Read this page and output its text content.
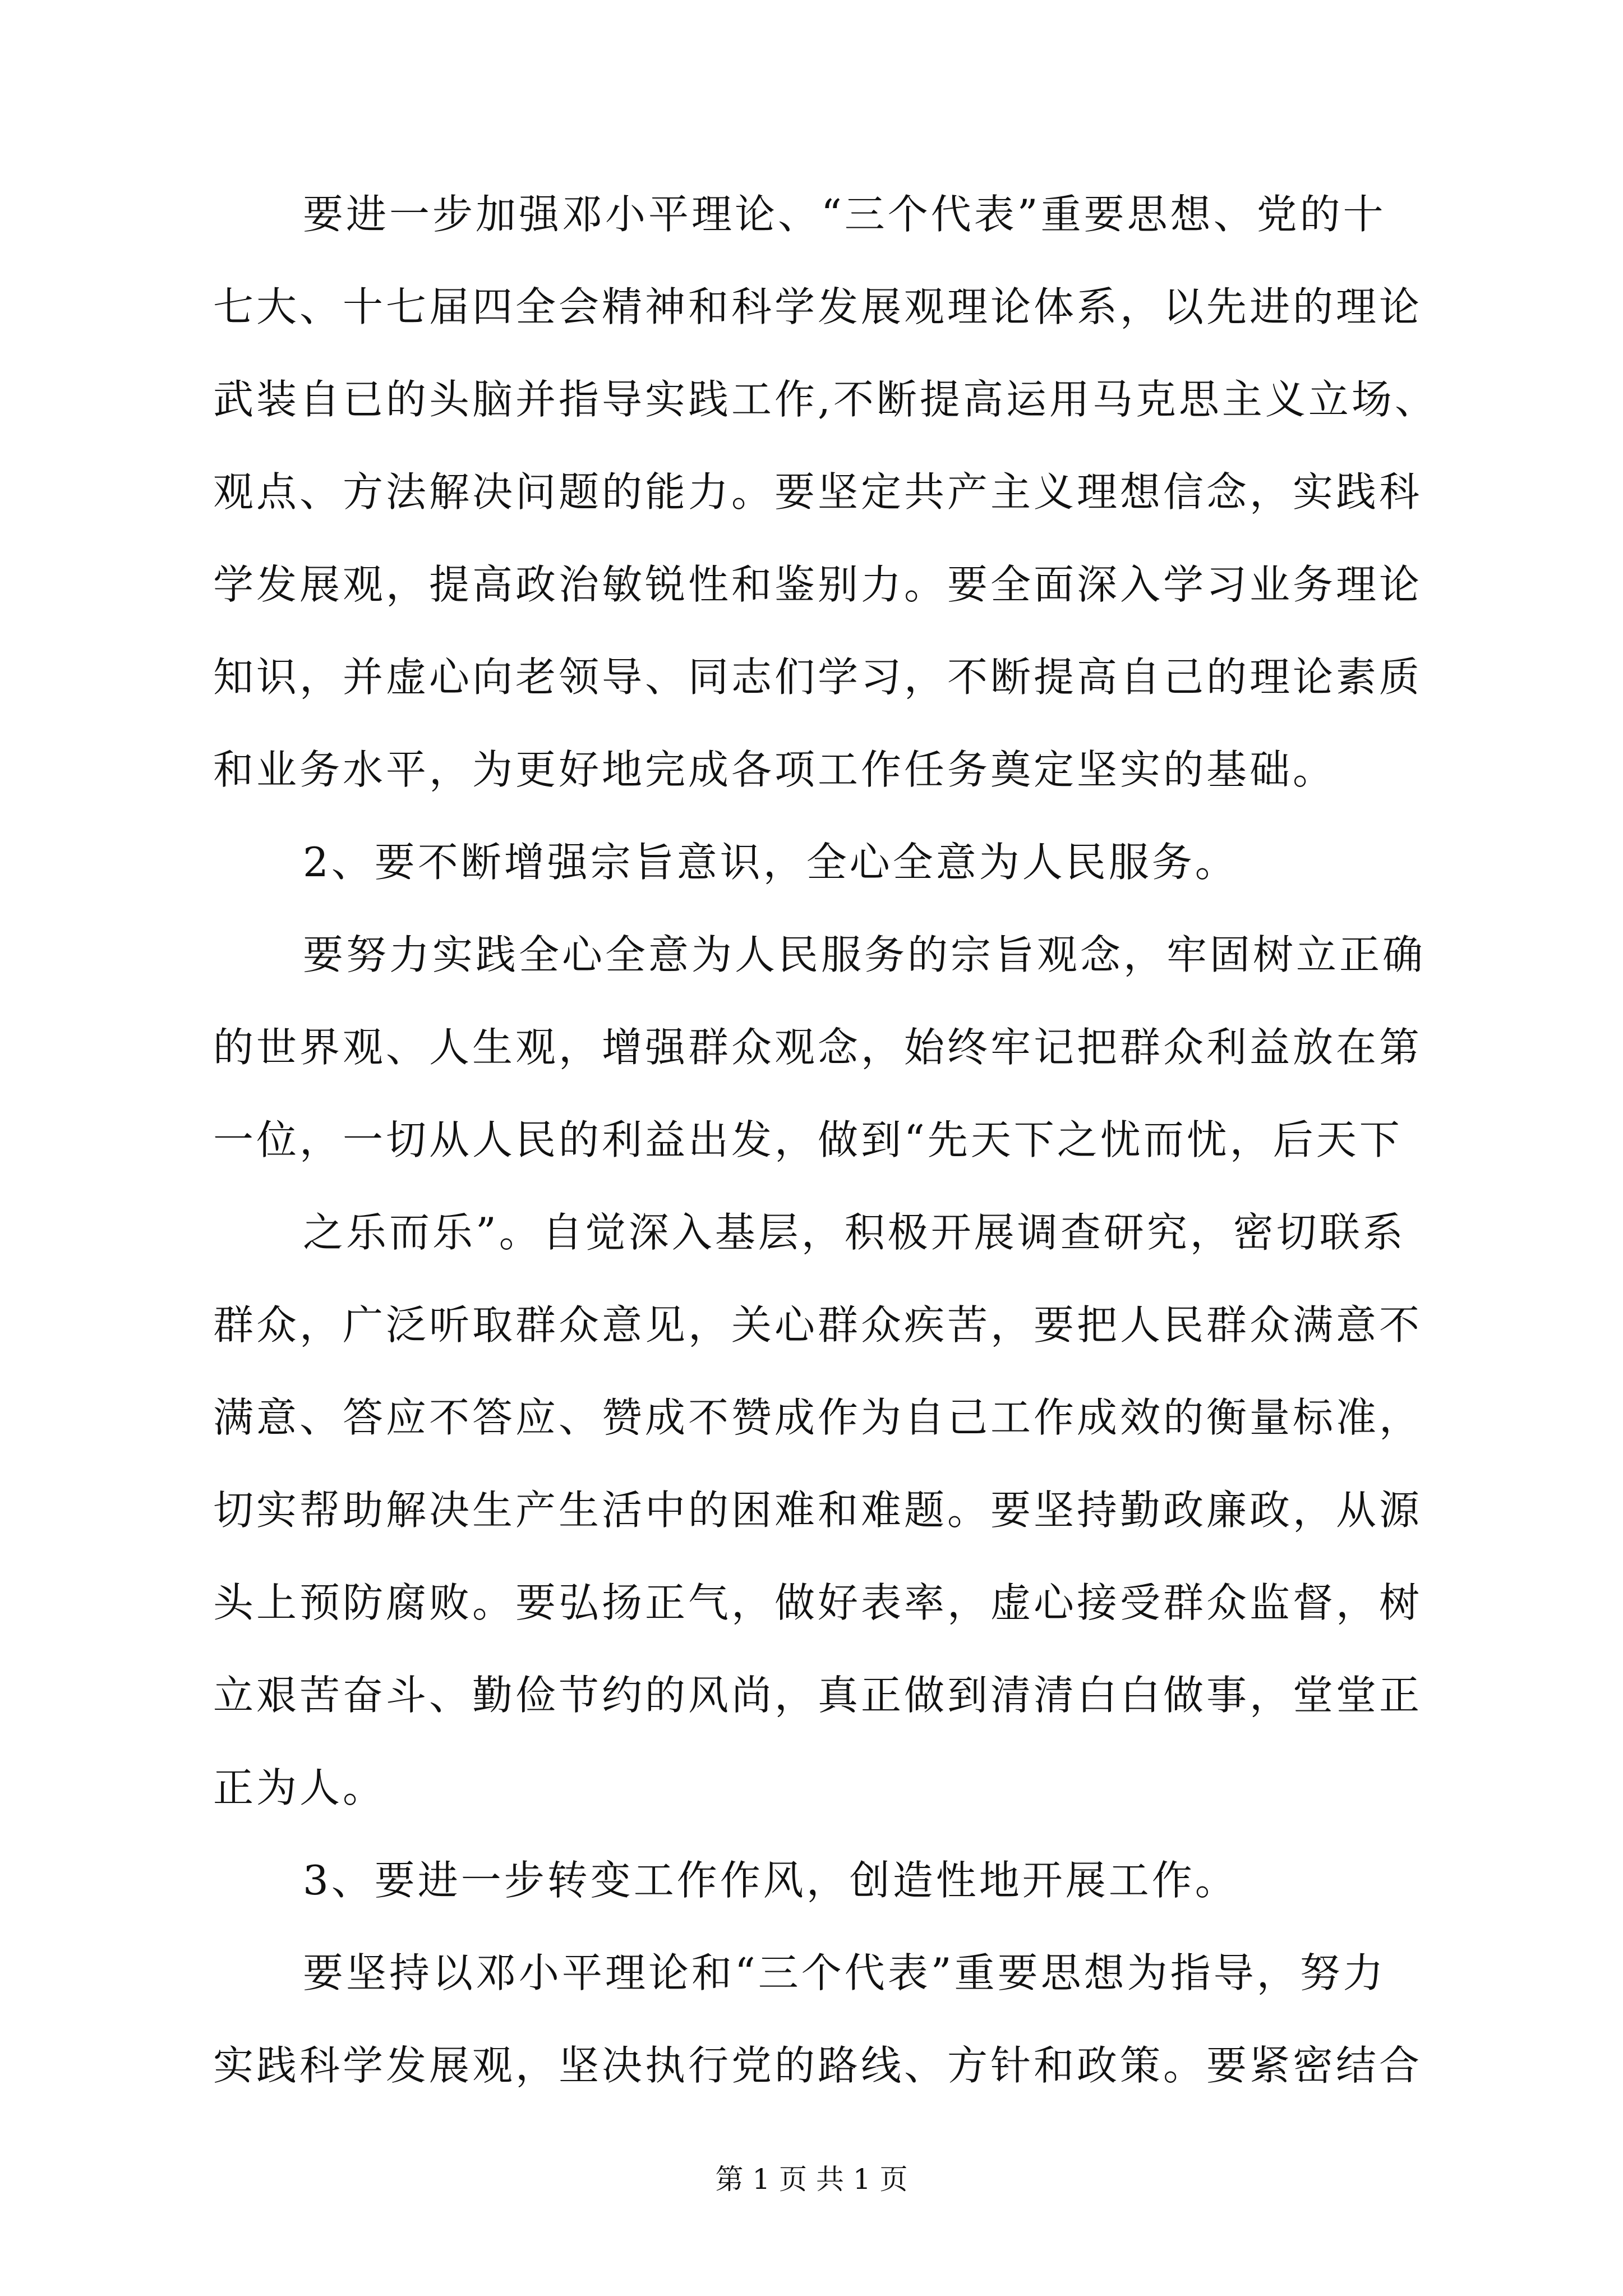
要进一步加强邓小平理论、“三个代表”重要思想、党的十
七大、十七届四全会精神和科学发展观理论体系，以先进的理论
武装自已的头脑并指导实践工作,不断提高运用马克思主义立场、
观点、方法解决问题的能力。要坚定共产主义理想信念，实践科
学发展观，提高政治敏锐性和鉴别力。要全面深入学习业务理论
知识，并虚心向老领导、同志们学习，不断提高自己的理论素质
和业务水平，为更好地完成各项工作任务奠定坚实的基础。
2、要不断增强宗旨意识，全心全意为人民服务。
要努力实践全心全意为人民服务的宗旨观念，牢固树立正确
的世界观、人生观，增强群众观念，始终牢记把群众利益放在第
一位，一切从人民的利益出发，做到“先天下之忧而忧，后天下
之乐而乐”。自觉深入基层，积极开展调查研究，密切联系
群众，广泛听取群众意见，关心群众疾苦，要把人民群众满意不
满意、答应不答应、赞成不赞成作为自己工作成效的衡量标准，
切实帮助解决生产生活中的困难和难题。要坚持勤政廉政，从源
头上预防腐败。要弘扬正气，做好表率，虚心接受群众监督，树
立艰苦奋斗、勤俭节约的风尚，真正做到清清白白做事，堂堂正
正为人。
3、要进一步转变工作作风，创造性地开展工作。
要坚持以邓小平理论和“三个代表”重要思想为指导，努力
实践科学发展观，坚决执行党的路线、方针和政策。要紧密结合
第 1 页 共 1 页
